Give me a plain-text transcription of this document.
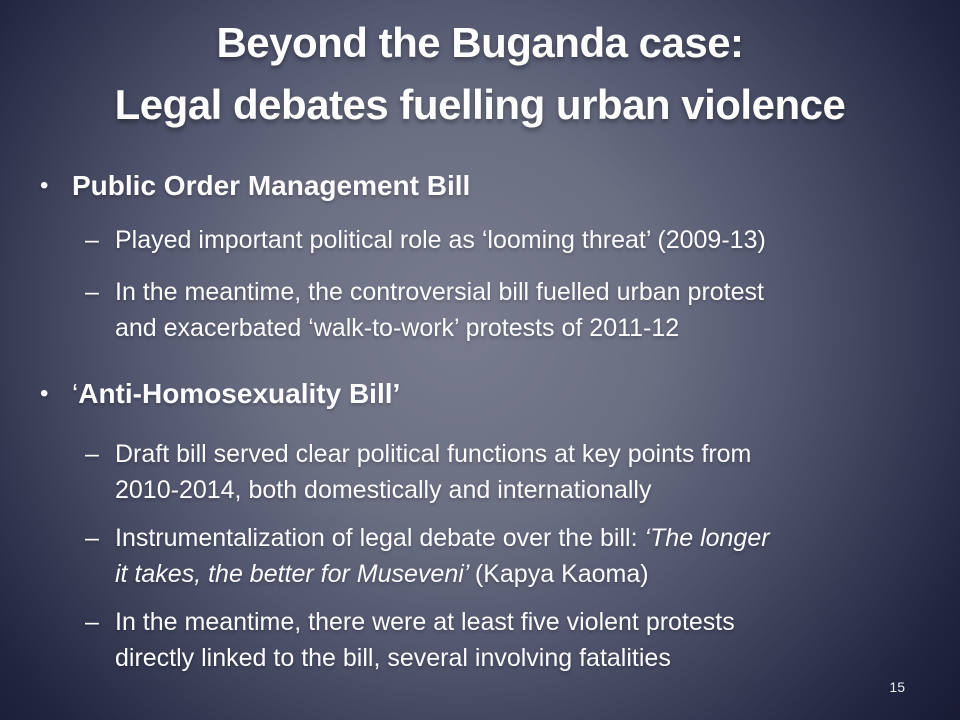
Beyond the Buganda case:
Legal debates fuelling urban violence
• Public Order Management Bill
– Played important political role as ‘looming threat’ (2009-13)
– In the meantime, the controversial bill fuelled urban protest
and exacerbated ‘walk-to-work’ protests of 2011-12
• ‘Anti-Homosexuality Bill’
– Draft bill served clear political functions at key points from
2010-2014, both domestically and internationally
– Instrumentalization of legal debate over the bill: ‘The longer
it takes, the better for Museveni’ (Kapya Kaoma)
– In the meantime, there were at least five violent protests
directly linked to the bill, several involving fatalities
15
